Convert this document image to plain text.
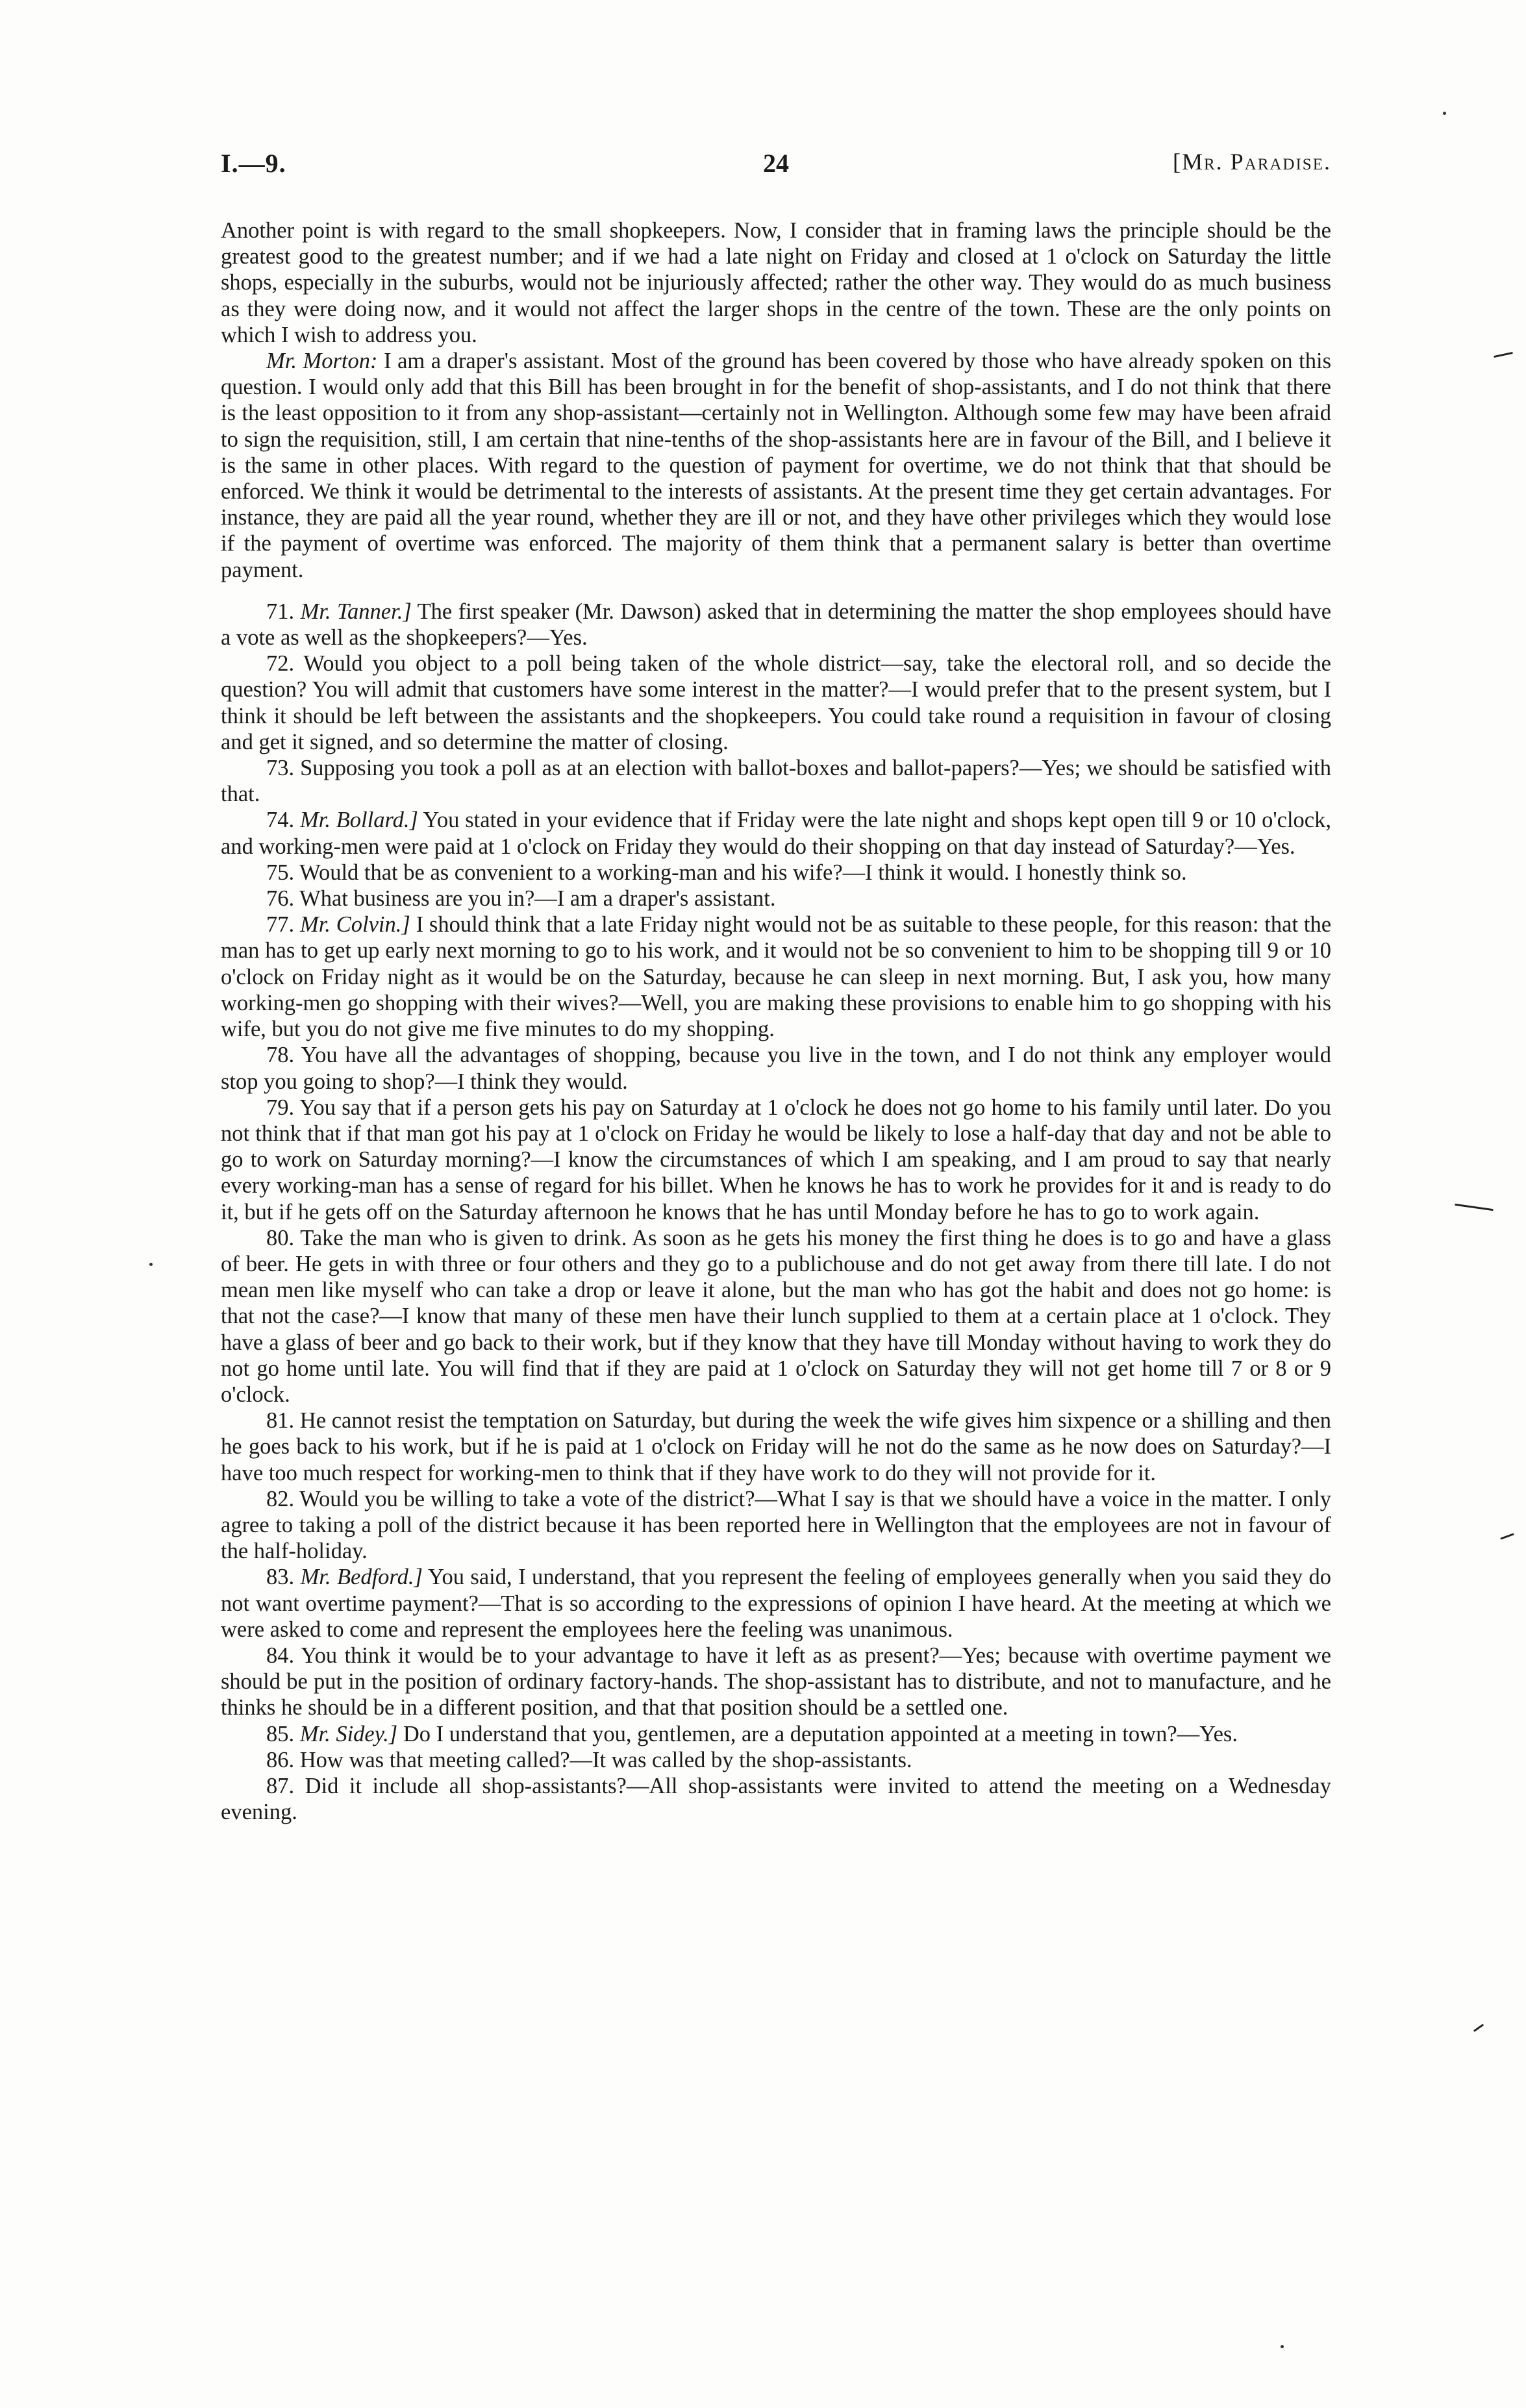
I.—9.	24	[Mr. Paradise.

Another point is with regard to the small shopkeepers. Now, I consider that in framing laws the principle should be the greatest good to the greatest number; and if we had a late night on Friday and closed at 1 o'clock on Saturday the little shops, especially in the suburbs, would not be injuriously affected; rather the other way. They would do as much business as they were doing now, and it would not affect the larger shops in the centre of the town. These are the only points on which I wish to address you.

Mr. Morton: I am a draper's assistant. Most of the ground has been covered by those who have already spoken on this question. I would only add that this Bill has been brought in for the benefit of shop-assistants, and I do not think that there is the least opposition to it from any shop-assistant—certainly not in Wellington. Although some few may have been afraid to sign the requisition, still, I am certain that nine-tenths of the shop-assistants here are in favour of the Bill, and I believe it is the same in other places. With regard to the question of payment for overtime, we do not think that that should be enforced. We think it would be detrimental to the interests of assistants. At the present time they get certain advantages. For instance, they are paid all the year round, whether they are ill or not, and they have other privileges which they would lose if the payment of overtime was enforced. The majority of them think that a permanent salary is better than overtime payment.

71. Mr. Tanner.] The first speaker (Mr. Dawson) asked that in determining the matter the shop employees should have a vote as well as the shopkeepers?—Yes.

72. Would you object to a poll being taken of the whole district—say, take the electoral roll, and so decide the question? You will admit that customers have some interest in the matter?—I would prefer that to the present system, but I think it should be left between the assistants and the shopkeepers. You could take round a requisition in favour of closing and get it signed, and so determine the matter of closing.

73. Supposing you took a poll as at an election with ballot-boxes and ballot-papers?—Yes; we should be satisfied with that.

74. Mr. Bollard.] You stated in your evidence that if Friday were the late night and shops kept open till 9 or 10 o'clock, and working-men were paid at 1 o'clock on Friday they would do their shopping on that day instead of Saturday?—Yes.

75. Would that be as convenient to a working-man and his wife?—I think it would. I honestly think so.

76. What business are you in?—I am a draper's assistant.

77. Mr. Colvin.] I should think that a late Friday night would not be as suitable to these people, for this reason: that the man has to get up early next morning to go to his work, and it would not be so convenient to him to be shopping till 9 or 10 o'clock on Friday night as it would be on the Saturday, because he can sleep in next morning. But, I ask you, how many working-men go shopping with their wives?—Well, you are making these provisions to enable him to go shopping with his wife, but you do not give me five minutes to do my shopping.

78. You have all the advantages of shopping, because you live in the town, and I do not think any employer would stop you going to shop?—I think they would.

79. You say that if a person gets his pay on Saturday at 1 o'clock he does not go home to his family until later. Do you not think that if that man got his pay at 1 o'clock on Friday he would be likely to lose a half-day that day and not be able to go to work on Saturday morning?—I know the circumstances of which I am speaking, and I am proud to say that nearly every working-man has a sense of regard for his billet. When he knows he has to work he provides for it and is ready to do it, but if he gets off on the Saturday afternoon he knows that he has until Monday before he has to go to work again.

80. Take the man who is given to drink. As soon as he gets his money the first thing he does is to go and have a glass of beer. He gets in with three or four others and they go to a publichouse and do not get away from there till late. I do not mean men like myself who can take a drop or leave it alone, but the man who has got the habit and does not go home: is that not the case?—I know that many of these men have their lunch supplied to them at a certain place at 1 o'clock. They have a glass of beer and go back to their work, but if they know that they have till Monday without having to work they do not go home until late. You will find that if they are paid at 1 o'clock on Saturday they will not get home till 7 or 8 or 9 o'clock.

81. He cannot resist the temptation on Saturday, but during the week the wife gives him sixpence or a shilling and then he goes back to his work, but if he is paid at 1 o'clock on Friday will he not do the same as he now does on Saturday?—I have too much respect for working-men to think that if they have work to do they will not provide for it.

82. Would you be willing to take a vote of the district?—What I say is that we should have a voice in the matter. I only agree to taking a poll of the district because it has been reported here in Wellington that the employees are not in favour of the half-holiday.

83. Mr. Bedford.] You said, I understand, that you represent the feeling of employees generally when you said they do not want overtime payment?—That is so according to the expressions of opinion I have heard. At the meeting at which we were asked to come and represent the employees here the feeling was unanimous.

84. You think it would be to your advantage to have it left as as present?—Yes; because with overtime payment we should be put in the position of ordinary factory-hands. The shop-assistant has to distribute, and not to manufacture, and he thinks he should be in a different position, and that that position should be a settled one.

85. Mr. Sidey.] Do I understand that you, gentlemen, are a deputation appointed at a meeting in town?—Yes.

86. How was that meeting called?—It was called by the shop-assistants.

87. Did it include all shop-assistants?—All shop-assistants were invited to attend the meeting on a Wednesday evening.
